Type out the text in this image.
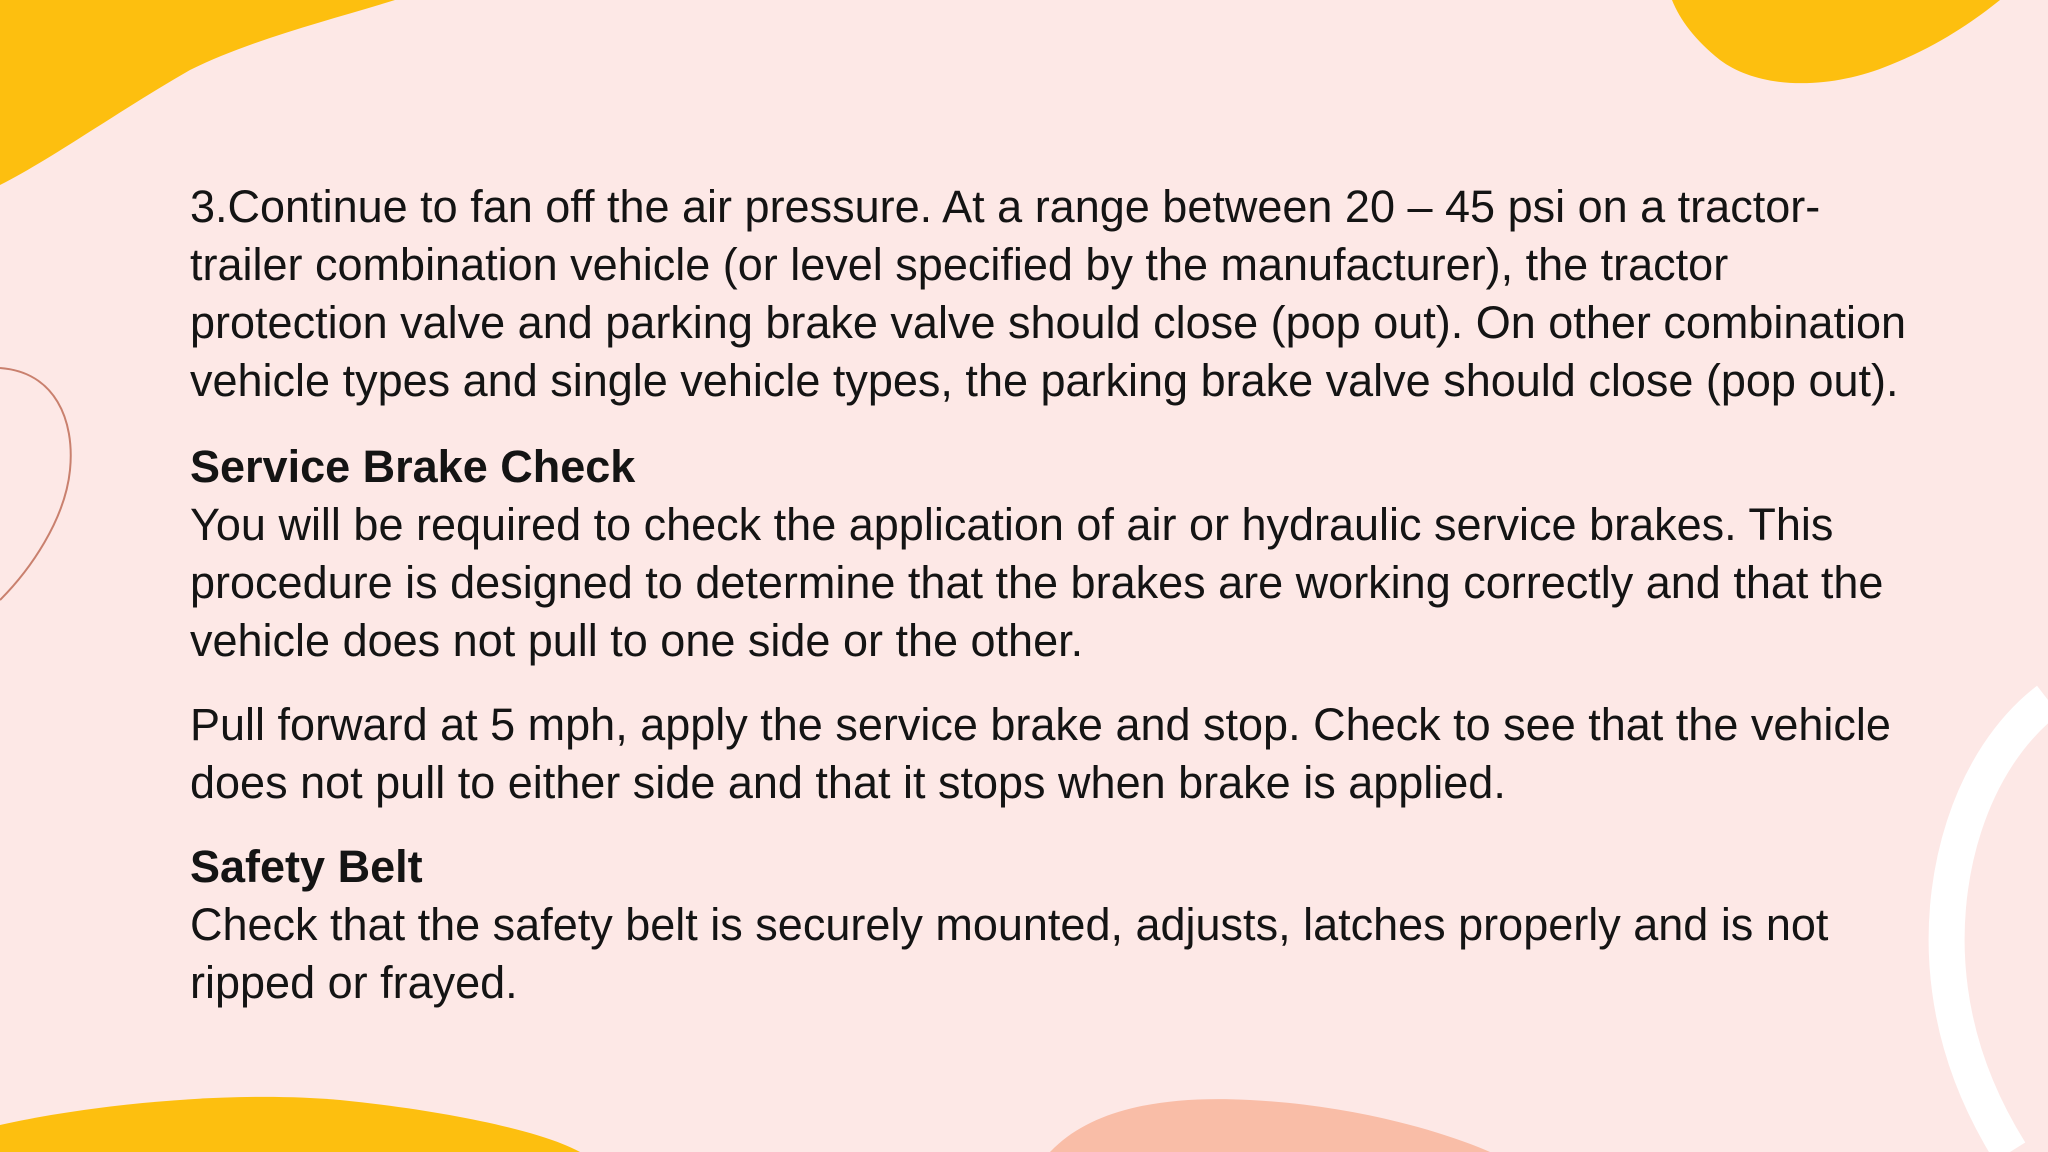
3.Continue to fan off the air pressure. At a range between 20 – 45 psi on a tractor-trailer combination vehicle (or level specified by the manufacturer), the tractor protection valve and parking brake valve should close (pop out). On other combination vehicle types and single vehicle types, the parking brake valve should close (pop out).

Service Brake Check

You will be required to check the application of air or hydraulic service brakes. This procedure is designed to determine that the brakes are working correctly and that the vehicle does not pull to one side or the other.

Pull forward at 5 mph, apply the service brake and stop. Check to see that the vehicle does not pull to either side and that it stops when brake is applied.

Safety Belt

Check that the safety belt is securely mounted, adjusts, latches properly and is not ripped or frayed.
